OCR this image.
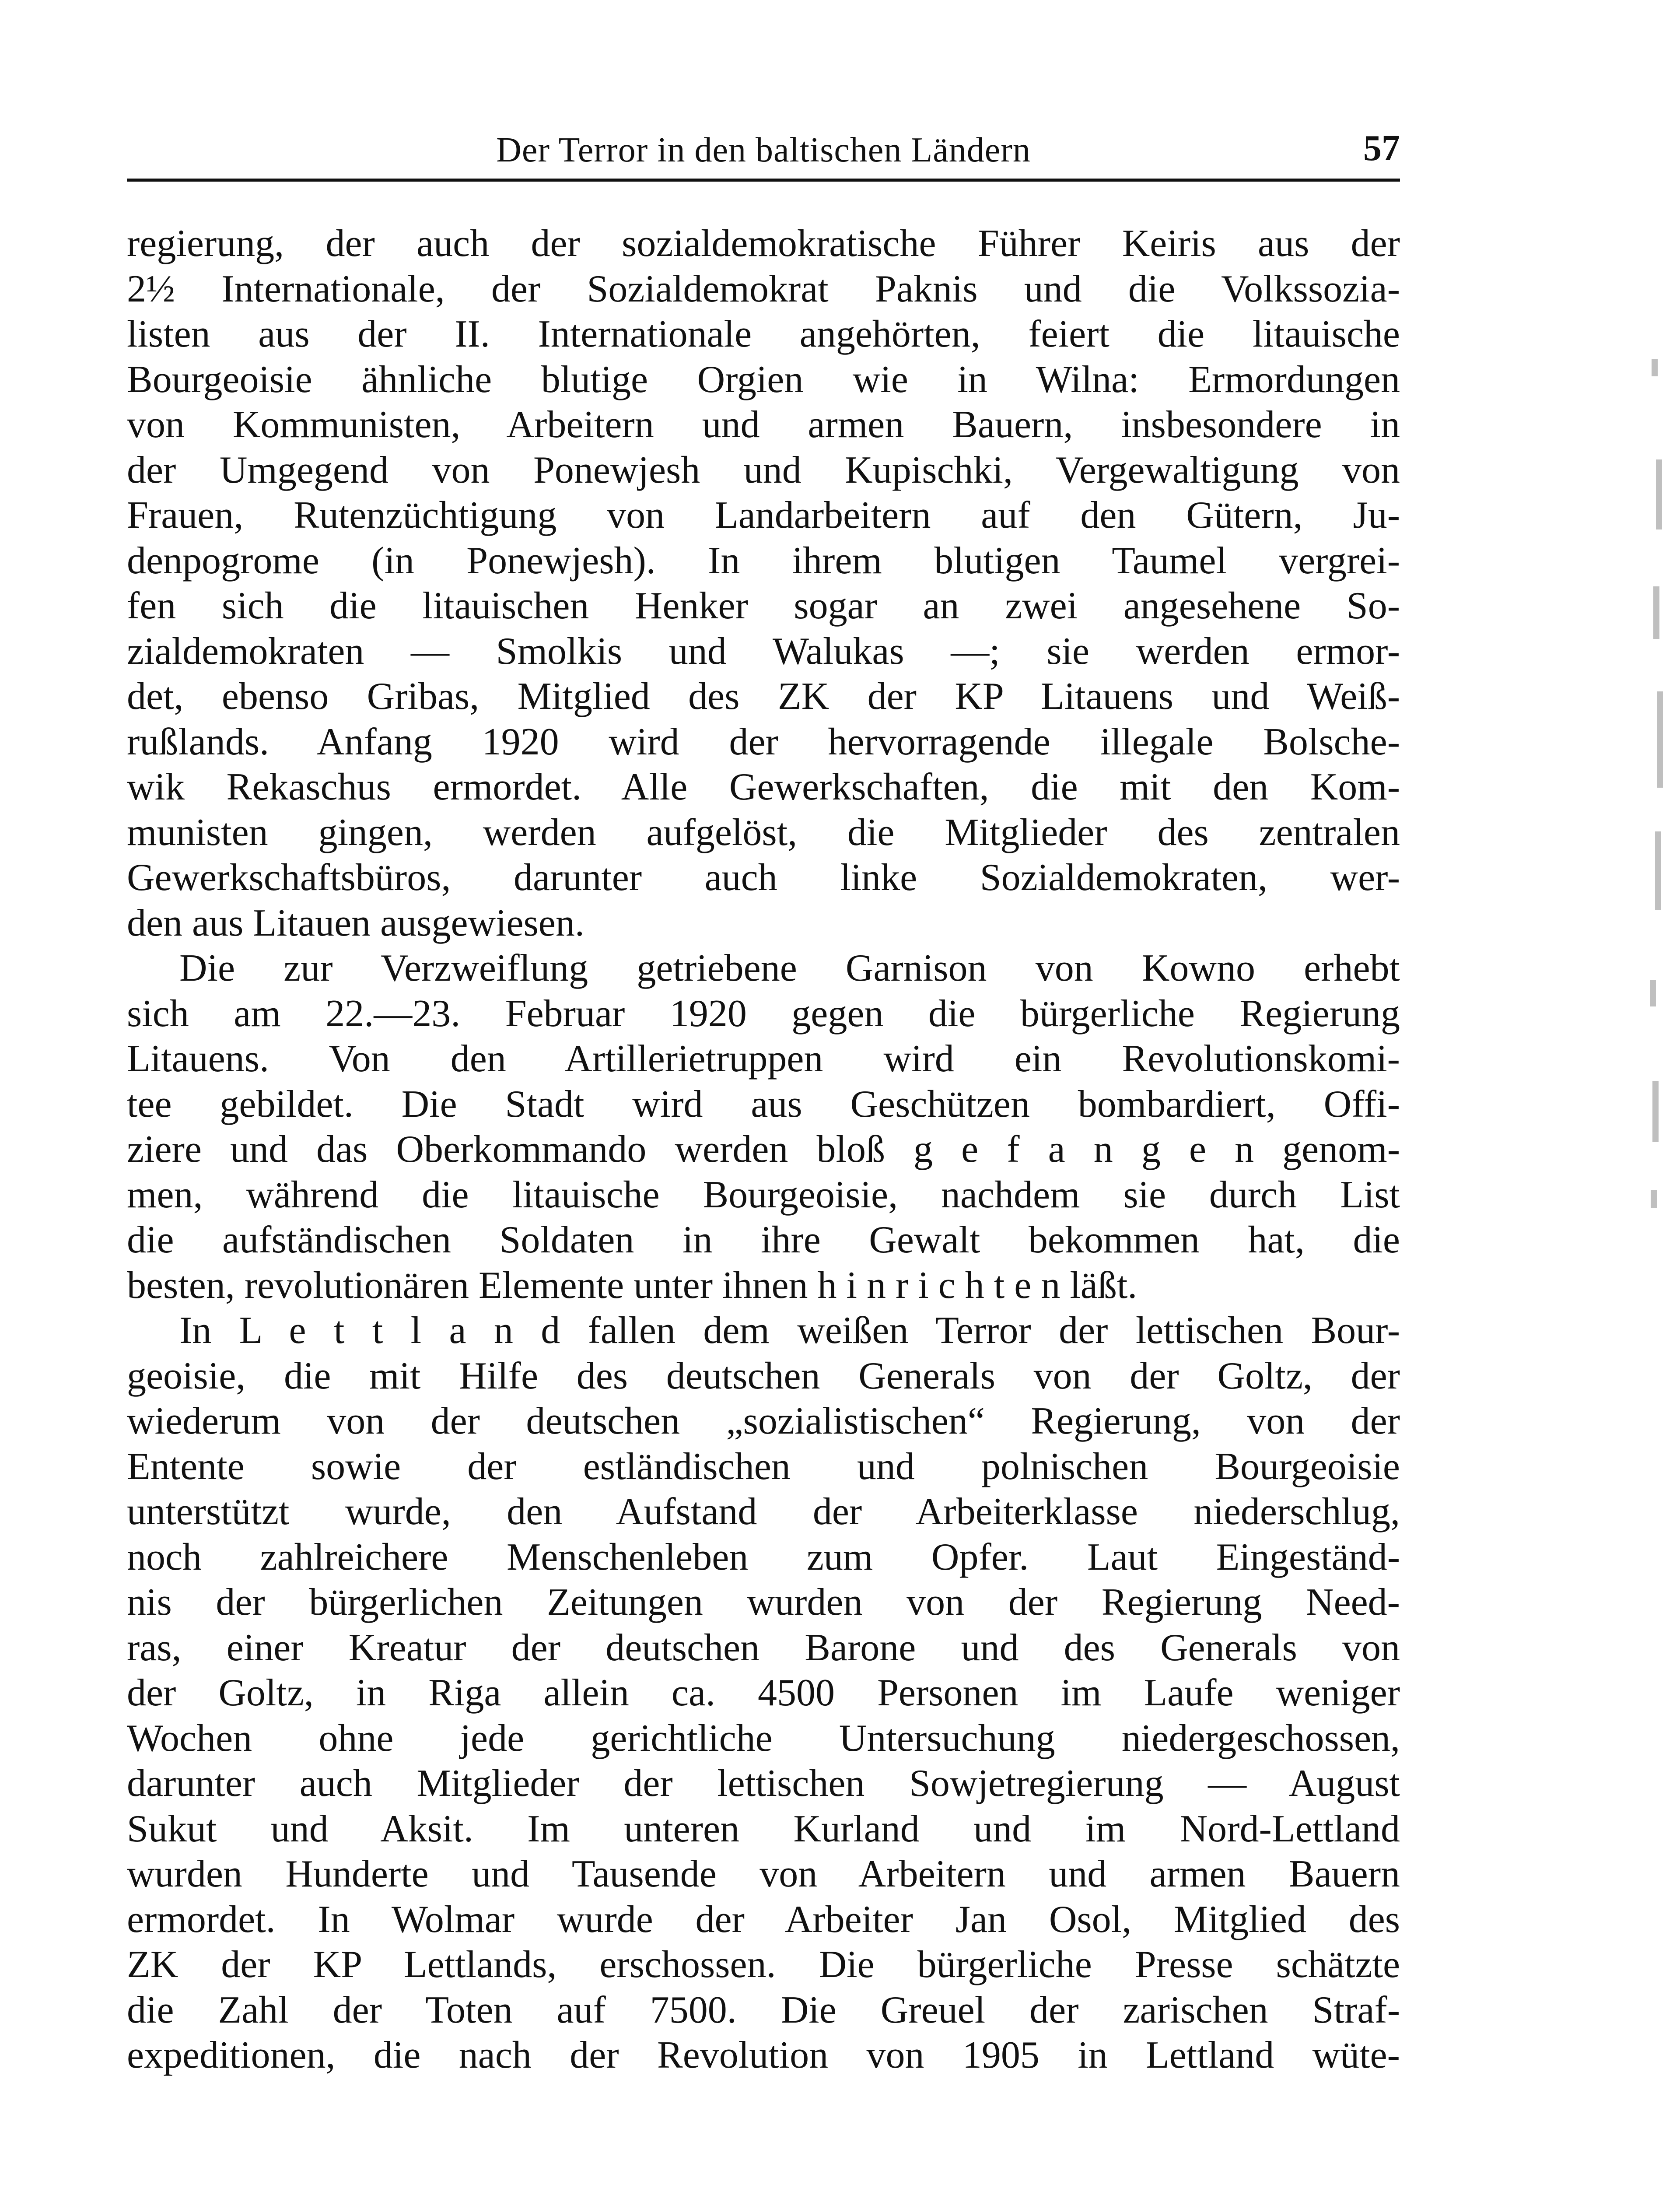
Der Terror in den baltischen Ländern	57
regierung, der auch der sozialdemokratische Führer Keiris aus der
2½ Internationale, der Sozialdemokrat Paknis und die Volkssozia-
listen aus der II. Internationale angehörten, feiert die litauische
Bourgeoisie ähnliche blutige Orgien wie in Wilna: Ermordungen
von Kommunisten, Arbeitern und armen Bauern, insbesondere in
der Umgegend von Ponewjesh und Kupischki, Vergewaltigung von
Frauen, Rutenzüchtigung von Landarbeitern auf den Gütern, Ju-
denpogrome (in Ponewjesh). In ihrem blutigen Taumel vergrei-
fen sich die litauischen Henker sogar an zwei angesehene So-
zialdemokraten — Smolkis und Walukas —; sie werden ermor-
det, ebenso Gribas, Mitglied des ZK der KP Litauens und Weiß-
rußlands. Anfang 1920 wird der hervorragende illegale Bolsche-
wik Rekaschus ermordet. Alle Gewerkschaften, die mit den Kom-
munisten gingen, werden aufgelöst, die Mitglieder des zentralen
Gewerkschaftsbüros, darunter auch linke Sozialdemokraten, wer-
den aus Litauen ausgewiesen.
Die zur Verzweiflung getriebene Garnison von Kowno erhebt
sich am 22.—23. Februar 1920 gegen die bürgerliche Regierung
Litauens. Von den Artillerietruppen wird ein Revolutionskomi-
tee gebildet. Die Stadt wird aus Geschützen bombardiert, Offi-
ziere und das Oberkommando werden bloß g e f a n g e n genom-
men, während die litauische Bourgeoisie, nachdem sie durch List
die aufständischen Soldaten in ihre Gewalt bekommen hat, die
besten, revolutionären Elemente unter ihnen h i n r i c h t e n läßt.
In L e t t l a n d fallen dem weißen Terror der lettischen Bour-
geoisie, die mit Hilfe des deutschen Generals von der Goltz, der
wiederum von der deutschen „sozialistischen“ Regierung, von der
Entente sowie der estländischen und polnischen Bourgeoisie
unterstützt wurde, den Aufstand der Arbeiterklasse niederschlug,
noch zahlreichere Menschenleben zum Opfer. Laut Eingeständ-
nis der bürgerlichen Zeitungen wurden von der Regierung Need-
ras, einer Kreatur der deutschen Barone und des Generals von
der Goltz, in Riga allein ca. 4500 Personen im Laufe weniger
Wochen ohne jede gerichtliche Untersuchung niedergeschossen,
darunter auch Mitglieder der lettischen Sowjetregierung — August
Sukut und Aksit. Im unteren Kurland und im Nord-Lettland
wurden Hunderte und Tausende von Arbeitern und armen Bauern
ermordet. In Wolmar wurde der Arbeiter Jan Osol, Mitglied des
ZK der KP Lettlands, erschossen. Die bürgerliche Presse schätzte
die Zahl der Toten auf 7500. Die Greuel der zarischen Straf-
expeditionen, die nach der Revolution von 1905 in Lettland wüte-
